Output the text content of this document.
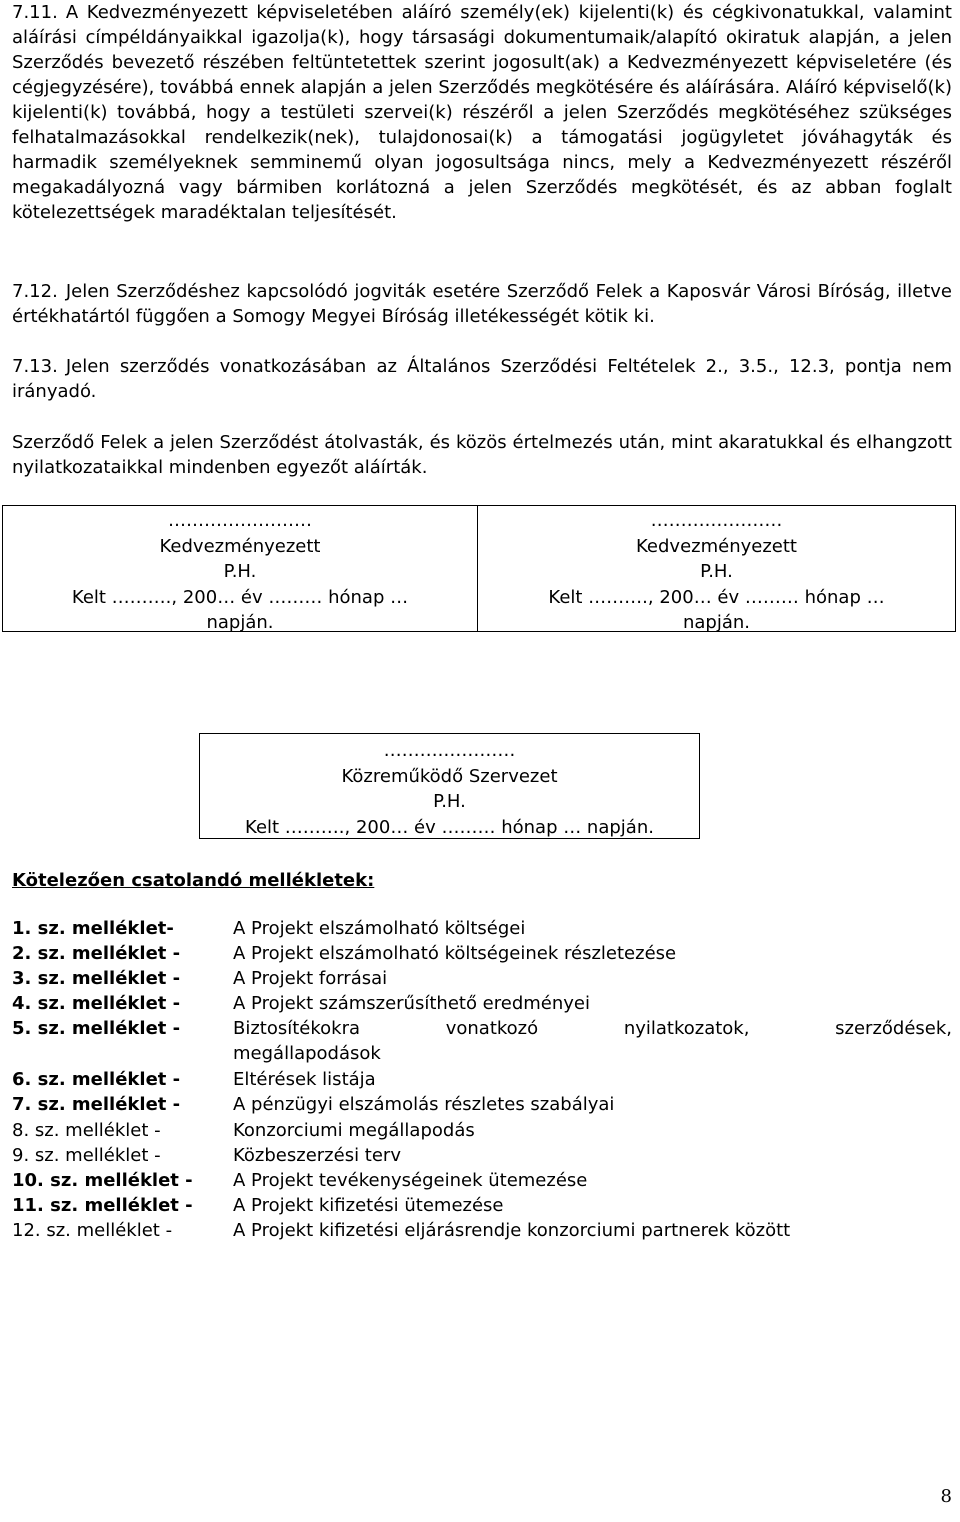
7.11. A Kedvezményezett képviseletében aláíró személy(ek) kijelenti(k) és cégkivonatukkal, valamint aláírási címpéldányaikkal igazolja(k), hogy társasági dokumentumaik/alapító okiratuk alapján, a jelen Szerződés bevezető részében feltüntetettek szerint jogosult(ak) a Kedvezményezett képviseletére (és cégjegyzésére), továbbá ennek alapján a jelen Szerződés megkötésére és aláírására. Aláíró képviselő(k) kijelenti(k) továbbá, hogy a testületi szervei(k) részéről a jelen Szerződés megkötéséhez szükséges felhatalmazásokkal rendelkezik(nek), tulajdonosai(k) a támogatási jogügyletet jóváhagyták és harmadik személyeknek semminemű olyan jogosultsága nincs, mely a Kedvezményezett részéről megakadályozná vagy bármiben korlátozná a jelen Szerződés megkötését, és az abban foglalt kötelezettségek maradéktalan teljesítését.

7.12. Jelen Szerződéshez kapcsolódó jogviták esetére Szerződő Felek a Kaposvár Városi Bíróság, illetve értékhatártól függően a Somogy Megyei Bíróság illetékességét kötik ki.

7.13. Jelen szerződés vonatkozásában az Általános Szerződési Feltételek 2., 3.5., 12.3, pontja nem irányadó.

Szerződő Felek a jelen Szerződést átolvasták, és közös értelmezés után, mint akaratukkal és elhangzott nyilatkozataikkal mindenben egyezőt aláírták.

……………………
Kedvezményezett
P.H.
Kelt ………., 200… év ……… hónap …
napján.
……….…………
Kedvezményezett
P.H.
Kelt ………., 200… év ……… hónap …
napján.
……….…………
Közreműködő Szervezet
P.H.
Kelt ………., 200… év ……… hónap … napján.
Kötelezően csatolandó mellékletek:
1. sz. melléklet-	A Projekt elszámolható költségei
2. sz. melléklet -	A Projekt elszámolható költségeinek részletezése
3. sz. melléklet -	A Projekt forrásai
4. sz. melléklet -	A Projekt számszerűsíthető eredményei
5. sz. melléklet -	Biztosítékokra vonatkozó nyilatkozatok, szerződések,
megállapodások
6. sz. melléklet -	Eltérések listája
7. sz. melléklet -	A pénzügyi elszámolás részletes szabályai
8. sz. melléklet -	Konzorciumi megállapodás
9. sz. melléklet -	Közbeszerzési terv
10. sz. melléklet - A Projekt tevékenységeinek ütemezése
11. sz. melléklet - A Projekt kifizetési ütemezése
12. sz. melléklet -	A Projekt kifizetési eljárásrendje konzorciumi partnerek között
8
